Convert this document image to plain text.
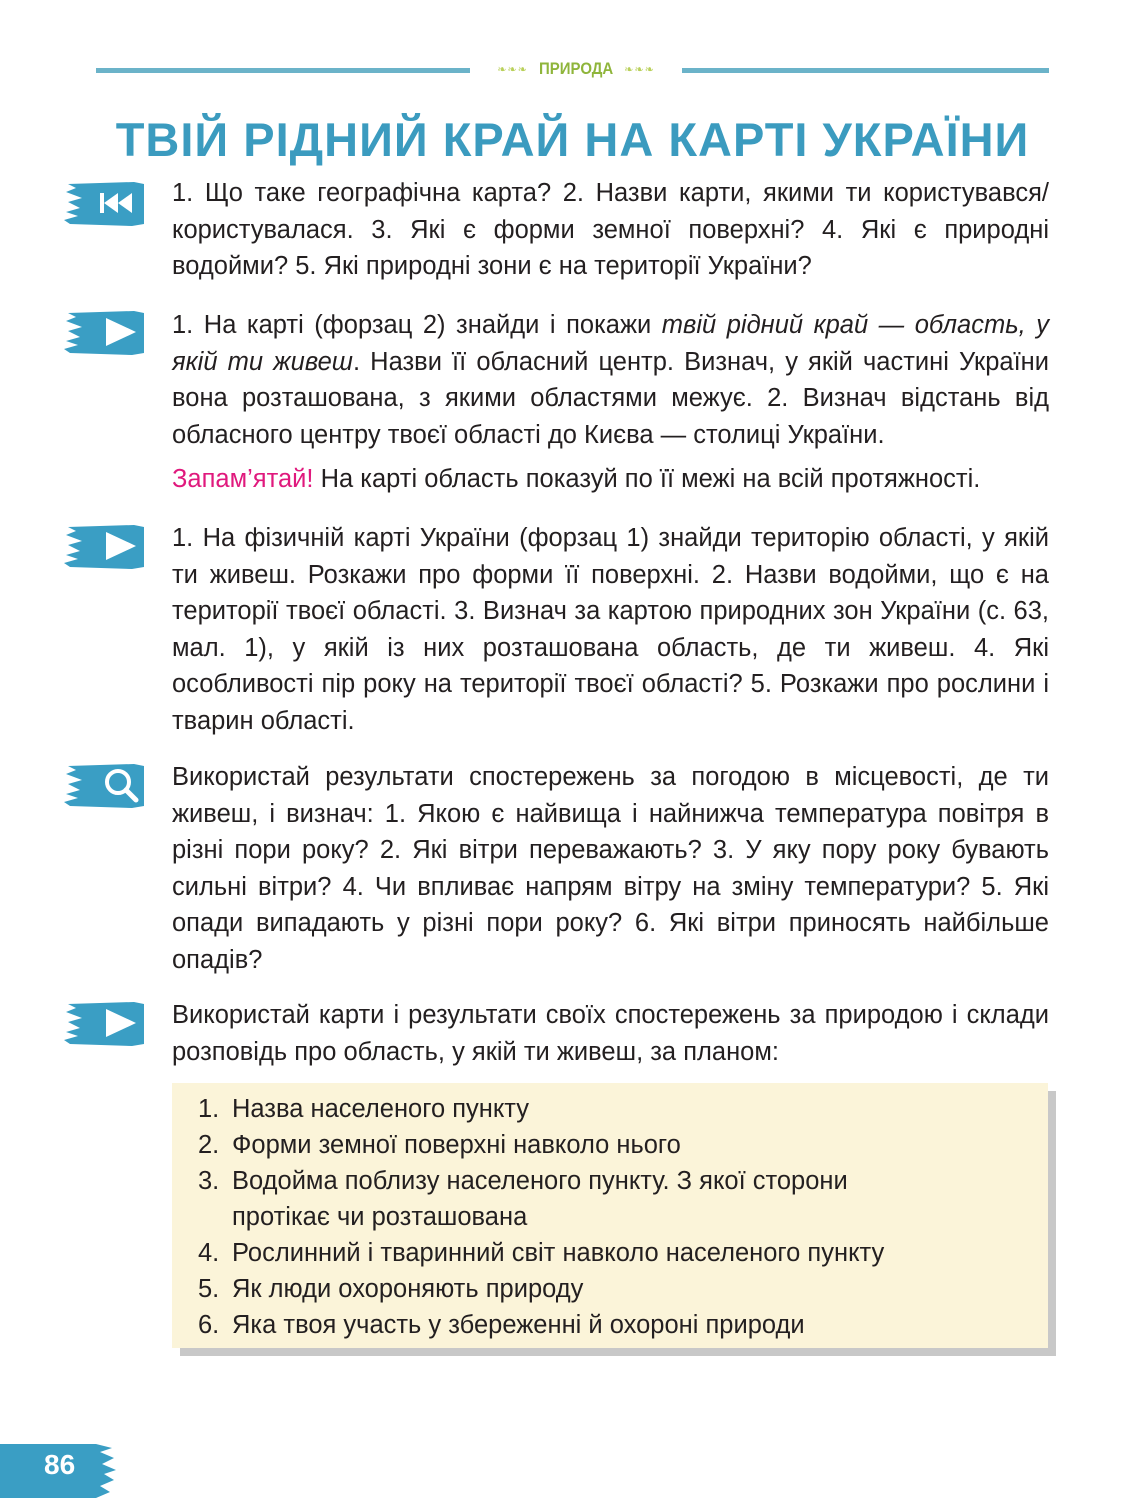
❧❧❧ ПРИРОДА ❧❧❧
ТВІЙ РІДНИЙ КРАЙ НА КАРТІ УКРАЇНИ

1. Що таке географічна карта? 2. Назви карти, якими ти користувався/користувалася. 3. Які є форми земної поверхні? 4. Які є природні водойми? 5. Які природні зони є на території України?

1. На карті (форзац 2) знайди і покажи твій рідний край — область, у якій ти живеш. Назви її обласний центр. Визнач, у якій частині України вона розташована, з якими областями межує. 2. Визнач відстань від обласного центру твоєї області до Києва — столиці України.

Запам’ятай! На карті область показуй по її межі на всій протяжності.

1. На фізичній карті України (форзац 1) знайди територію області, у якій ти живеш. Розкажи про форми її поверхні. 2. Назви водойми, що є на території твоєї області. 3. Визнач за картою природних зон України (с. 63, мал. 1), у якій із них розташована область, де ти живеш. 4. Які особливості пір року на території твоєї області? 5. Розкажи про рослини і тварин області.

Використай результати спостережень за погодою в місцевості, де ти живеш, і визнач: 1. Якою є найвища і найнижча температура повітря в різні пори року? 2. Які вітри переважають? 3. У яку пору року бувають сильні вітри? 4. Чи впливає напрям вітру на зміну температури? 5. Які опади випадають у різні пори року? 6. Які вітри приносять найбільше опадів?

Використай карти і результати своїх спостережень за природою і склади розповідь про область, у якій ти живеш, за планом:

1. Назва населеного пункту
2. Форми земної поверхні навколо нього
3. Водойма поблизу населеного пункту. З якої сторони протікає чи розташована
4. Рослинний і тваринний світ навколо населеного пункту
5. Як люди охороняють природу
6. Яка твоя участь у збереженні й охороні природи
86
